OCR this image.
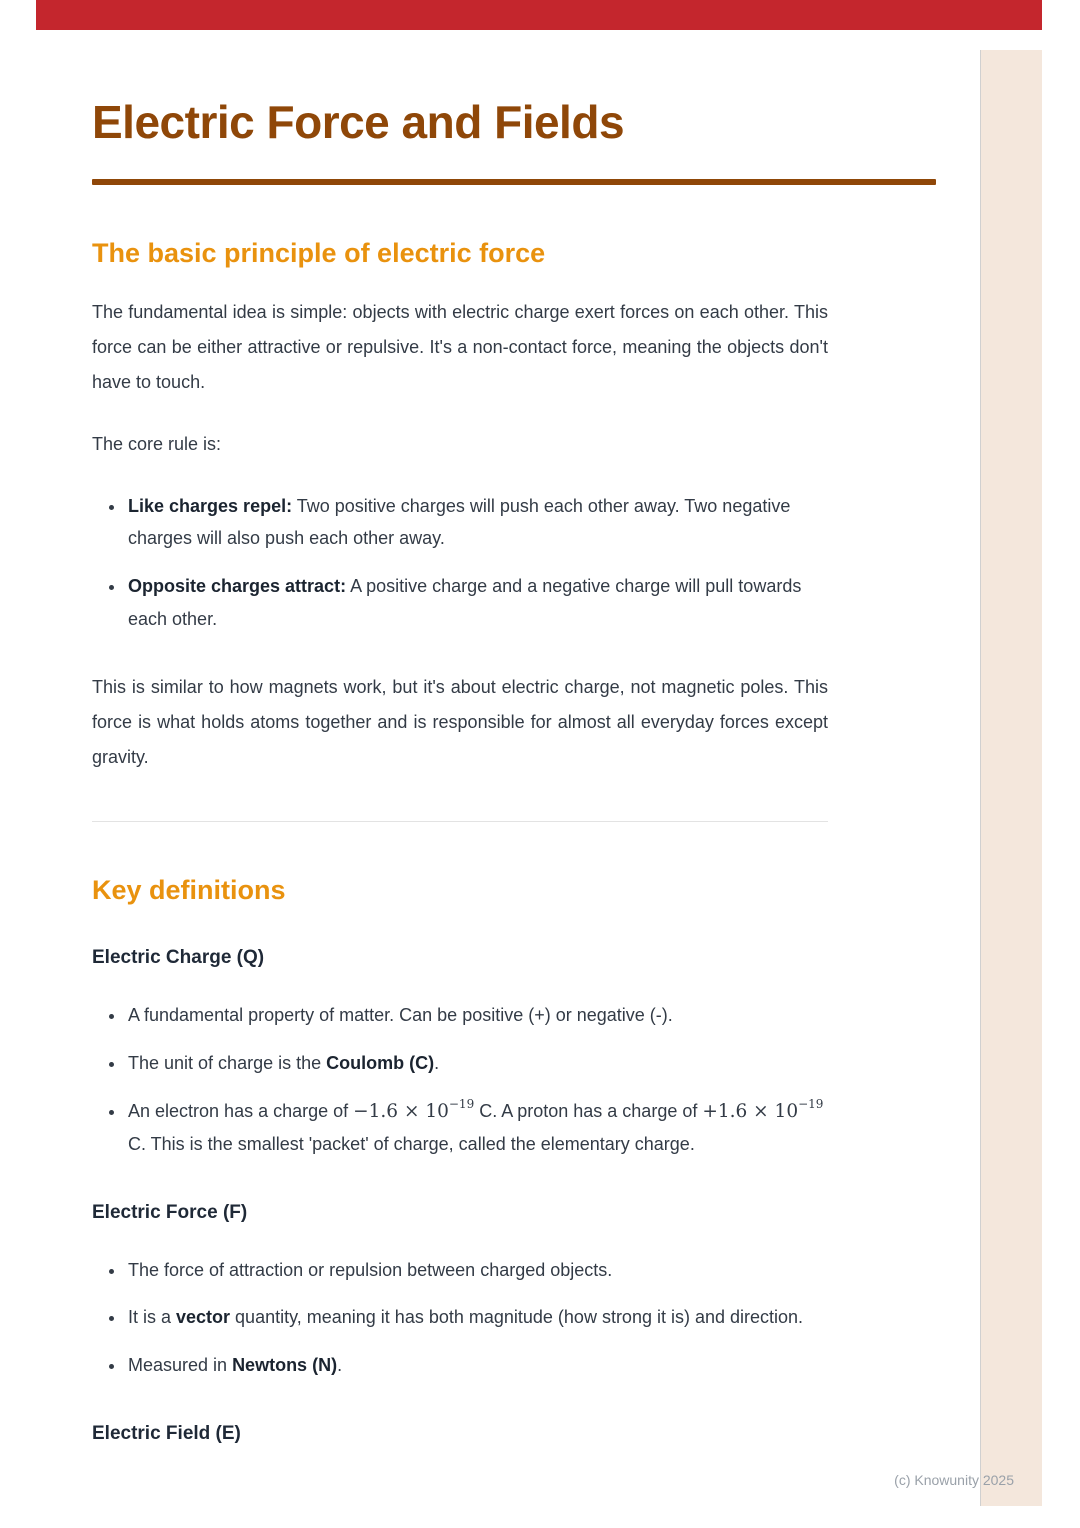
Electric Force and Fields
The basic principle of electric force

The fundamental idea is simple: objects with electric charge exert forces on each other. This force can be either attractive or repulsive. It's a non-contact force, meaning the objects don't have to touch.

The core rule is:

• Like charges repel: Two positive charges will push each other away. Two negative charges will also push each other away.
• Opposite charges attract: A positive charge and a negative charge will pull towards each other.

This is similar to how magnets work, but it's about electric charge, not magnetic poles. This force is what holds atoms together and is responsible for almost all everyday forces except gravity.

Key definitions
Electric Charge (Q)
• A fundamental property of matter. Can be positive (+) or negative (-).
• The unit of charge is the Coulomb (C).
• An electron has a charge of $-1.6 \times 10^{-19}$ C. A proton has a charge of $+1.6 \times 10^{-19}$ C. This is the smallest 'packet' of charge, called the elementary charge.
Electric Force (F)
• The force of attraction or repulsion between charged objects.
• It is a vector quantity, meaning it has both magnitude (how strong it is) and direction.
• Measured in Newtons (N).
Electric Field (E)
(c) Knowunity 2025
